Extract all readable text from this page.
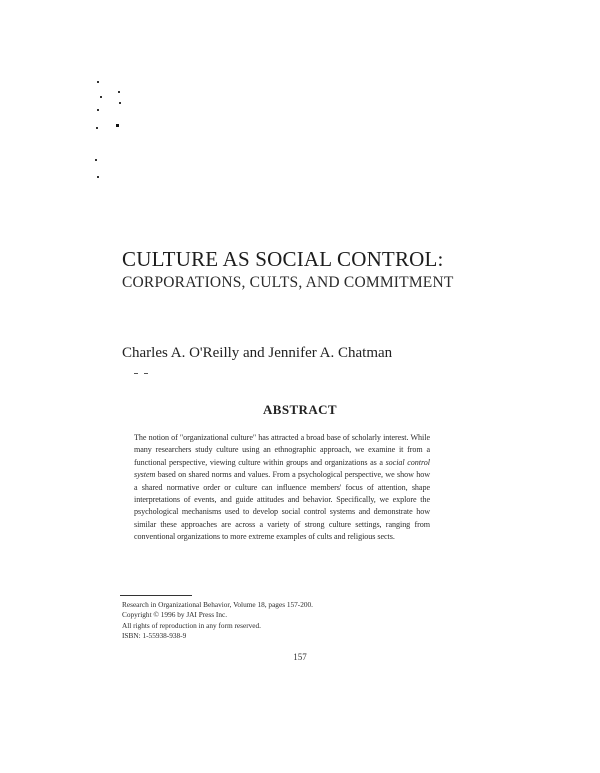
CULTURE AS SOCIAL CONTROL:
CORPORATIONS, CULTS, AND COMMITMENT
Charles A. O'Reilly and Jennifer A. Chatman
ABSTRACT
The notion of "organizational culture" has attracted a broad base of scholarly interest. While many researchers study culture using an ethnographic approach, we examine it from a functional perspective, viewing culture within groups and organizations as a social control system based on shared norms and values. From a psychological perspective, we show how a shared normative order or culture can influence members' focus of attention, shape interpretations of events, and guide attitudes and behavior. Specifically, we explore the psychological mechanisms used to develop social control systems and demonstrate how similar these approaches are across a variety of strong culture settings, ranging from conventional organizations to more extreme examples of cults and religious sects.
Research in Organizational Behavior, Volume 18, pages 157-200.
Copyright © 1996 by JAI Press Inc.
All rights of reproduction in any form reserved.
ISBN: 1-55938-938-9
157
